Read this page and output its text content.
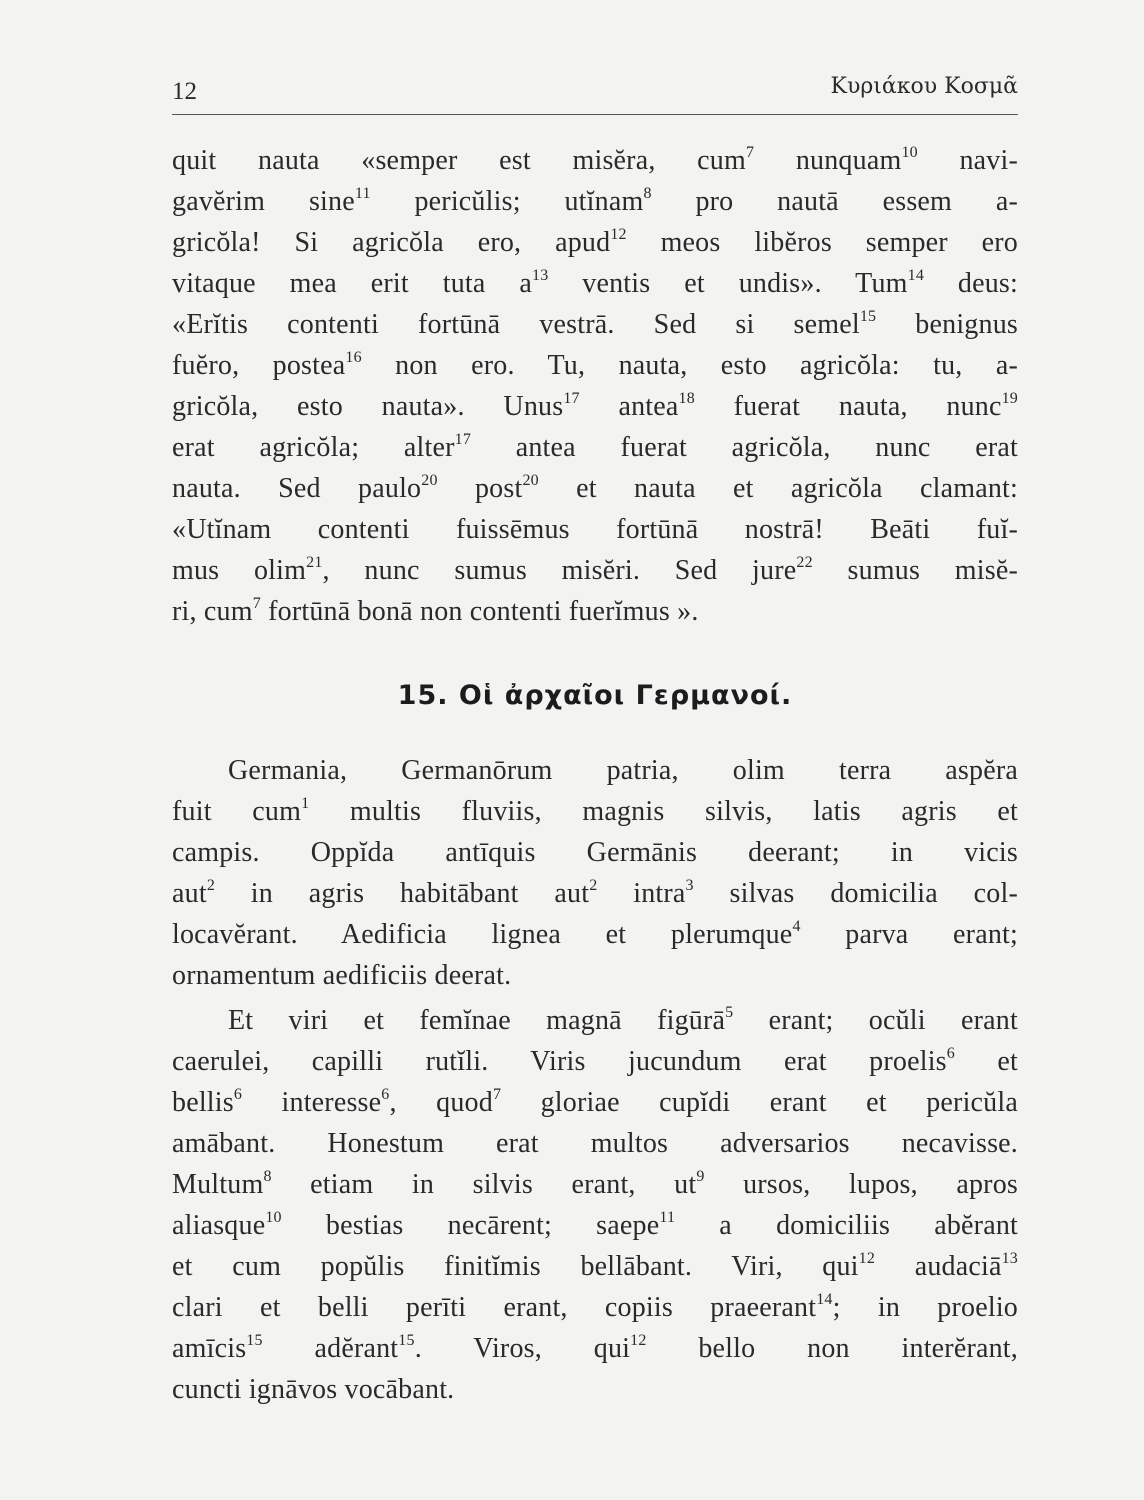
12	Κυριάκου Κοσμᾶ
quit nauta «semper est misĕra, cum$^7$ nunquam$^{10}$ navi-
gavĕrim sine$^{11}$ pericŭlis; utĭnam$^8$ pro nautā essem a-
gricŏla! Si agricŏla ero, apud$^{12}$ meos libĕros semper ero
vitaque mea erit tuta $a^{13}$ ventis et undis». Tum$^{14}$ deus:
«Erĭtis contenti fortūnā vestrā. Sed si semel$^{15}$ benignus
fuĕro, postea$^{16}$ non ero. Tu, nauta, esto agricŏla: tu, a-
gricŏla, esto nauta». Unus$^{17}$ antea$^{18}$ fuerat nauta, nunc$^{19}$
erat agricŏla; alter$^{17}$ antea fuerat agricŏla, nunc erat
nauta. Sed paulo$^{20}$ post$^{20}$ et nauta et agricŏla clamant:
«Utĭnam contenti fuissēmus fortūnā nostrā! Beāti fuĭ-
mus olim$^{21}$, nunc sumus misĕri. Sed jure$^{22}$ sumus misĕ-
ri, cum$^7$ fortūnā bonā non contenti fuerĭmus ».
15. Οἱ ἀρχαῖοι Γερμανοί.
Germania, Germanōrum patria, olim terra aspĕra
fuit cum$^1$ multis fluviis, magnis silvis, latis agris et
campis. Oppĭda antīquis Germānis deerant; in vicis
aut$^2$ in agris habitābant aut$^2$ intra$^3$ silvas domicilia col-
locavĕrant. Aedificia lignea et plerumque$^4$ parva erant;
ornamentum aedificiis deerat.
Et viri et femĭnae magnā figūrā$^5$ erant; ocŭli erant
caerulei, capilli rutĭli. Viris jucundum erat proelis$^6$ et
bellis$^6$ interesse$^6$, quod$^7$ gloriae cupĭdi erant et pericŭla
amābant. Honestum erat multos adversarios necavisse.
Multum$^8$ etiam in silvis erant, $ut^9$ ursos, lupos, apros
aliasque$^{10}$ bestias necārent; saepe$^{11}$ a domiciliis abĕrant
et cum popŭlis finitĭmis bellābant. Viri, qui$^{12}$ audaciā$^{13}$
clari et belli perīti erant, copiis praeerant$^{14}$; in proelio
amīcis$^{15}$ adĕrant$^{15}$. Viros, qui$^{12}$ bello non interĕrant,
cuncti ignāvos vocābant.
